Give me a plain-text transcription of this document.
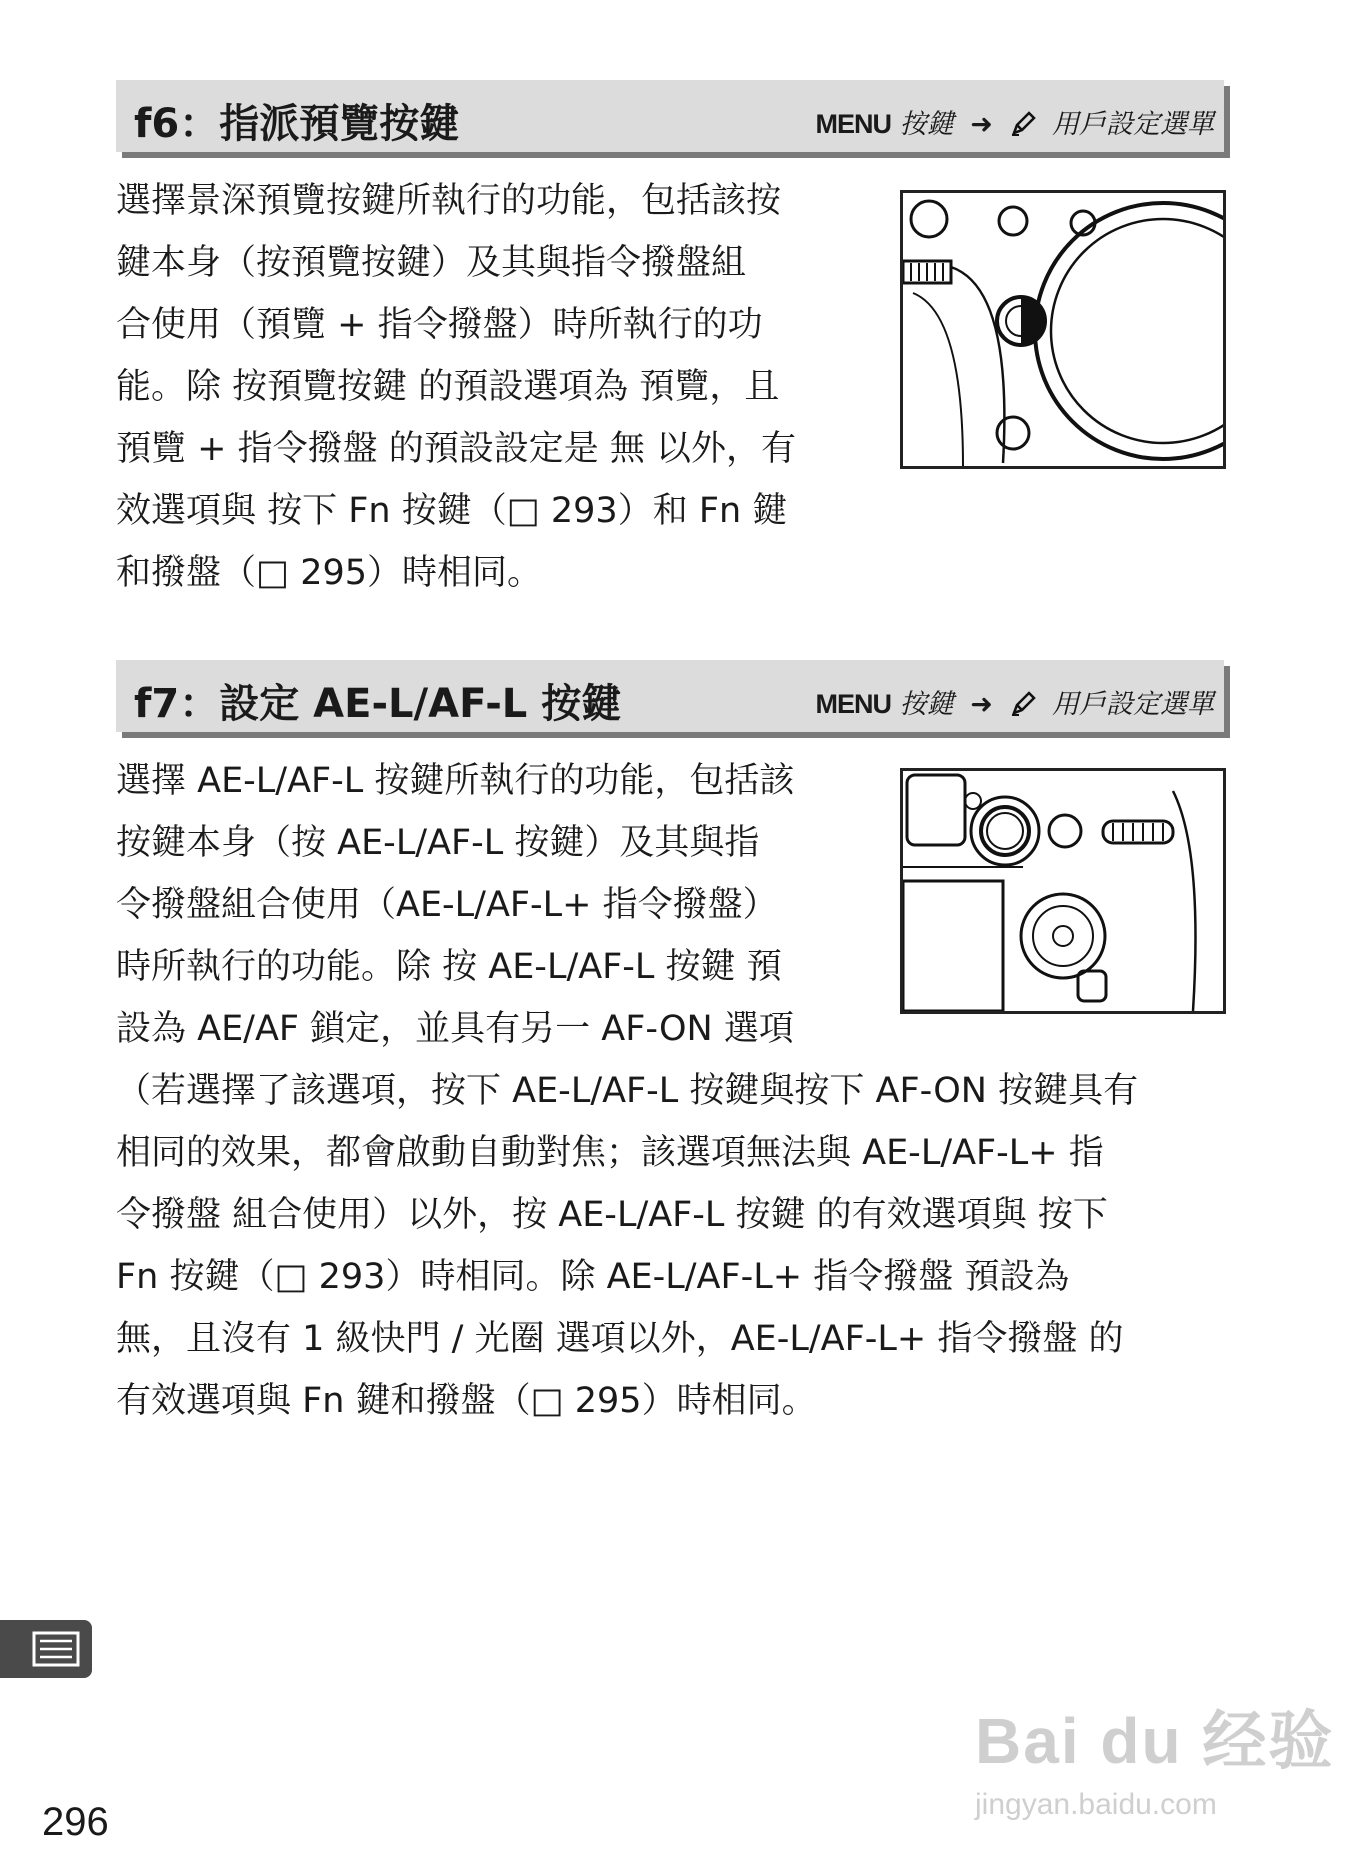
f6：指派預覽按鍵	MENU 按鍵 ➜ 用戶設定選單
選擇景深預覽按鍵所執行的功能，包括該按
鍵本身（按預覽按鍵）及其與指令撥盤組
合使用（預覽 + 指令撥盤）時所執行的功
能。除 按預覽按鍵 的預設選項為 預覽，且
預覽 + 指令撥盤 的預設設定是 無 以外，有
效選項與 按下 Fn 按鍵（□ 293）和 Fn 鍵
和撥盤（□ 295）時相同。
f7：設定 AE-L/AF-L 按鍵	MENU 按鍵 ➜ 用戶設定選單
選擇 AE-L/AF-L 按鍵所執行的功能，包括該
按鍵本身（按 AE-L/AF-L 按鍵）及其與指
令撥盤組合使用（AE-L/AF-L+ 指令撥盤）
時所執行的功能。除 按 AE-L/AF-L 按鍵 預
設為 AE/AF 鎖定，並具有另一 AF-ON 選項
（若選擇了該選項，按下 AE-L/AF-L 按鍵與按下 AF-ON 按鍵具有
相同的效果，都會啟動自動對焦；該選項無法與 AE-L/AF-L+ 指
令撥盤 組合使用）以外，按 AE-L/AF-L 按鍵 的有效選項與 按下
Fn 按鍵（□ 293）時相同。除 AE-L/AF-L+ 指令撥盤 預設為
無，且沒有 1 級快門 / 光圈 選項以外，AE-L/AF-L+ 指令撥盤 的
有效選項與 Fn 鍵和撥盤（□ 295）時相同。
Bai du 经验
jingyan.baidu.com
296
